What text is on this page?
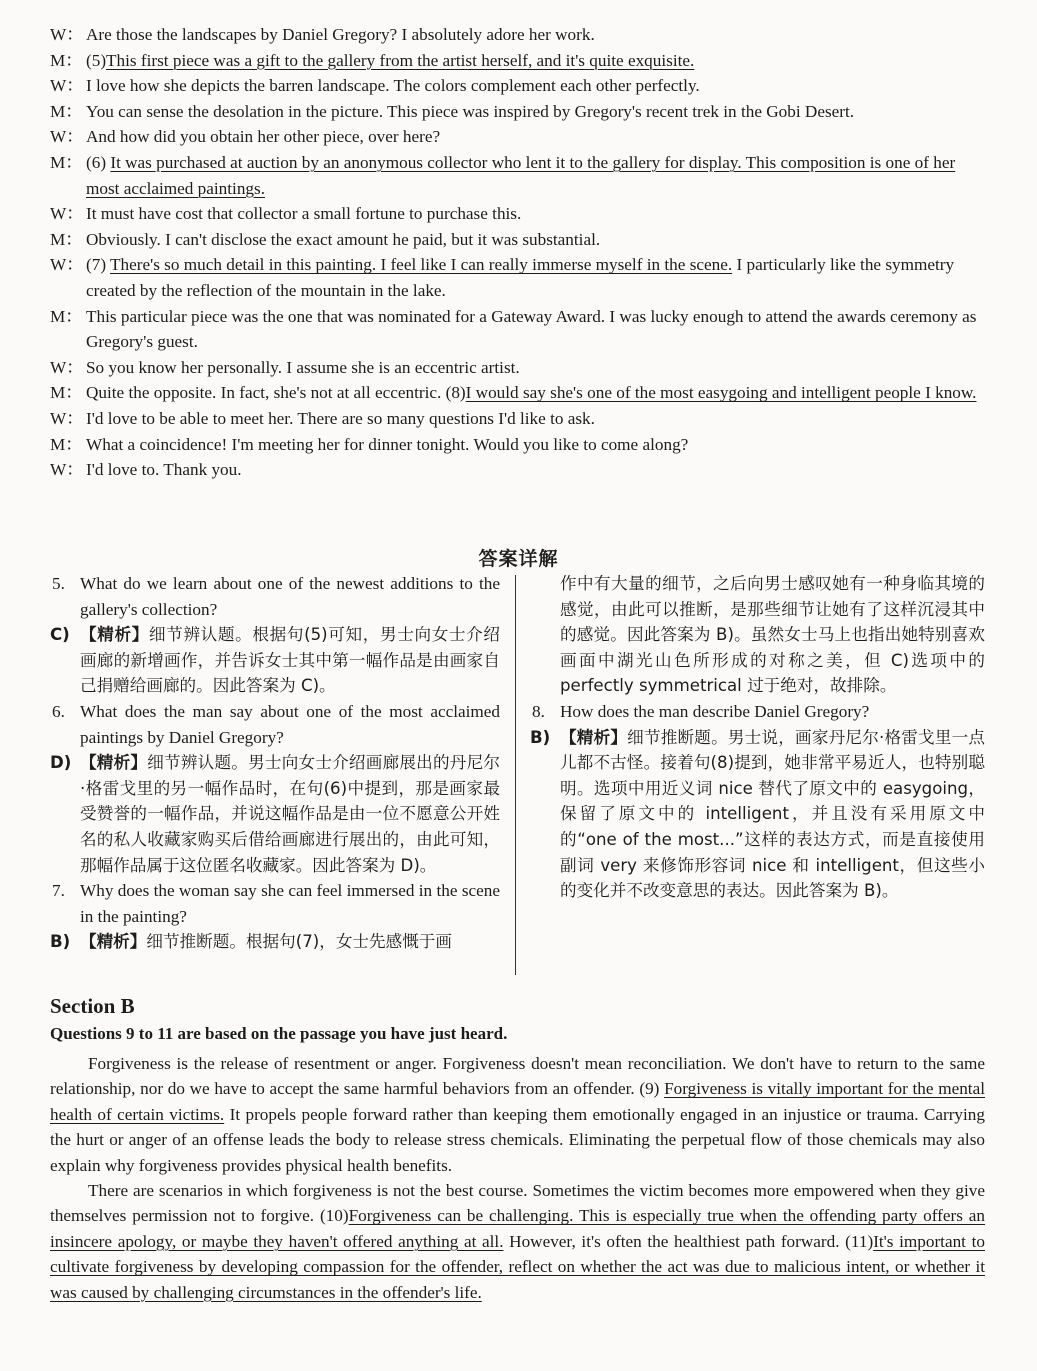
W： Are those the landscapes by Daniel Gregory? I absolutely adore her work.
M： (5)This first piece was a gift to the gallery from the artist herself, and it's quite exquisite.
W： I love how she depicts the barren landscape. The colors complement each other perfectly.
M： You can sense the desolation in the picture. This piece was inspired by Gregory's recent trek in the Gobi Desert.
W： And how did you obtain her other piece, over here?
M： (6) It was purchased at auction by an anonymous collector who lent it to the gallery for display. This composition is one of her most acclaimed paintings.
W： It must have cost that collector a small fortune to purchase this.
M： Obviously. I can't disclose the exact amount he paid, but it was substantial.
W： (7) There's so much detail in this painting. I feel like I can really immerse myself in the scene. I particularly like the symmetry created by the reflection of the mountain in the lake.
M： This particular piece was the one that was nominated for a Gateway Award. I was lucky enough to attend the awards ceremony as Gregory's guest.
W： So you know her personally. I assume she is an eccentric artist.
M： Quite the opposite. In fact, she's not at all eccentric. (8)I would say she's one of the most easygoing and intelligent people I know.
W： I'd love to be able to meet her. There are so many questions I'd like to ask.
M： What a coincidence! I'm meeting her for dinner tonight. Would you like to come along?
W： I'd love to. Thank you.
答案详解
5. What do we learn about one of the newest additions to the gallery's collection?
C) 【精析】细节辨认题。根据句(5)可知，男士向女士介绍画廊的新增画作，并告诉女士其中第一幅作品是由画家自己捐赠给画廊的。因此答案为 C)。
6. What does the man say about one of the most acclaimed paintings by Daniel Gregory?
D) 【精析】细节辨认题。男士向女士介绍画廊展出的丹尼尔·格雷戈里的另一幅作品时，在句(6)中提到，那是画家最受赞誉的一幅作品，并说这幅作品是由一位不愿意公开姓名的私人收藏家购买后借给画廊进行展出的，由此可知，那幅作品属于这位匿名收藏家。因此答案为 D)。
7. Why does the woman say she can feel immersed in the scene in the painting?
B) 【精析】细节推断题。根据句(7)，女士先感慨于画
作中有大量的细节，之后向男士感叹她有一种身临其境的感觉，由此可以推断，是那些细节让她有了这样沉浸其中的感觉。因此答案为 B)。虽然女士马上也指出她特别喜欢画面中湖光山色所形成的对称之美，但 C)选项中的 perfectly symmetrical 过于绝对，故排除。
8. How does the man describe Daniel Gregory?
B) 【精析】细节推断题。男士说，画家丹尼尔·格雷戈里一点儿都不古怪。接着句(8)提到，她非常平易近人，也特别聪明。选项中用近义词 nice 替代了原文中的 easygoing，保留了原文中的 intelligent，并且没有采用原文中的“one of the most...”这样的表达方式，而是直接使用副词 very 来修饰形容词 nice 和 intelligent，但这些小的变化并不改变意思的表达。因此答案为 B)。
Section B
Questions 9 to 11 are based on the passage you have just heard.

Forgiveness is the release of resentment or anger. Forgiveness doesn't mean reconciliation. We don't have to return to the same relationship, nor do we have to accept the same harmful behaviors from an offender. (9) Forgiveness is vitally important for the mental health of certain victims. It propels people forward rather than keeping them emotionally engaged in an injustice or trauma. Carrying the hurt or anger of an offense leads the body to release stress chemicals. Eliminating the perpetual flow of those chemicals may also explain why forgiveness provides physical health benefits.

There are scenarios in which forgiveness is not the best course. Sometimes the victim becomes more empowered when they give themselves permission not to forgive. (10)Forgiveness can be challenging. This is especially true when the offending party offers an insincere apology, or maybe they haven't offered anything at all. However, it's often the healthiest path forward. (11)It's important to cultivate forgiveness by developing compassion for the offender, reflect on whether the act was due to malicious intent, or whether it was caused by challenging circumstances in the offender's life.
